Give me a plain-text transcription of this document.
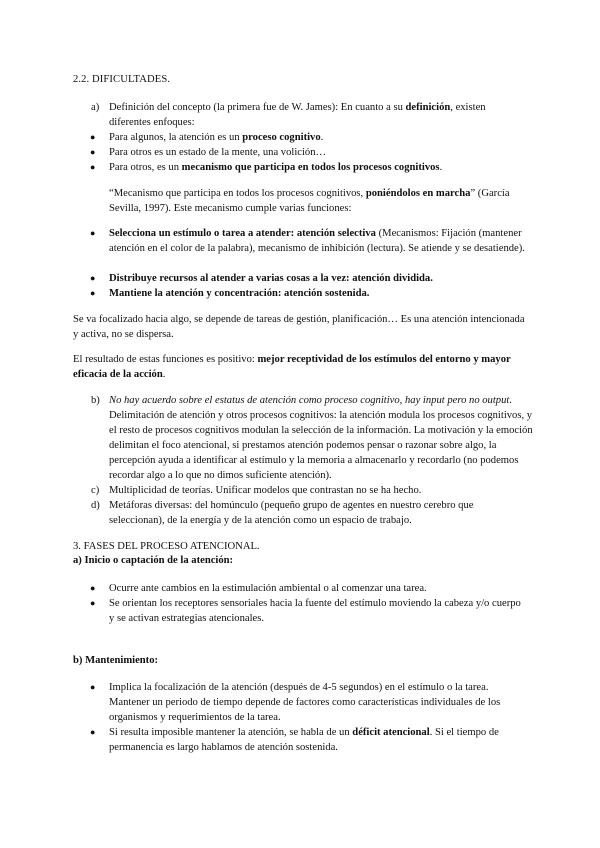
2.2. DIFICULTADES.
a) Definición del concepto (la primera fue de W. James): En cuanto a su definición, existen diferentes enfoques:
● Para algunos, la atención es un proceso cognitivo.
● Para otros es un estado de la mente, una volición…
● Para otros, es un mecanismo que participa en todos los procesos cognitivos.
“Mecanismo que participa en todos los procesos cognitivos, poniéndolos en marcha” (García Sevilla, 1997). Este mecanismo cumple varias funciones:
● Selecciona un estímulo o tarea a atender: atención selectiva (Mecanismos: Fijación (mantener atención en el color de la palabra), mecanismo de inhibición (lectura). Se atiende y se desatiende).
● Distribuye recursos al atender a varias cosas a la vez: atención dividida.
● Mantiene la atención y concentración: atención sostenida.
Se va focalizado hacia algo, se depende de tareas de gestión, planificación… Es una atención intencionada y activa, no se dispersa.
El resultado de estas funciones es positivo: mejor receptividad de los estímulos del entorno y mayor eficacia de la acción.
b) No hay acuerdo sobre el estatus de atención como proceso cognitivo, hay input pero no output. Delimitación de atención y otros procesos cognitivos: la atención modula los procesos cognitivos, y el resto de procesos cognitivos modulan la selección de la información. La motivación y la emoción delimitan el foco atencional, si prestamos atención podemos pensar o razonar sobre algo, la percepción ayuda a identificar al estímulo y la memoria a almacenarlo y recordarlo (no podemos recordar algo a lo que no dimos suficiente atención).
c) Multiplicidad de teorías. Unificar modelos que contrastan no se ha hecho.
d) Metáforas diversas: del homúnculo (pequeño grupo de agentes en nuestro cerebro que seleccionan), de la energía y de la atención como un espacio de trabajo.
3. FASES DEL PROCESO ATENCIONAL.
a) Inicio o captación de la atención:
● Ocurre ante cambios en la estimulación ambiental o al comenzar una tarea.
● Se orientan los receptores sensoriales hacia la fuente del estímulo moviendo la cabeza y/o cuerpo y se activan estrategias atencionales.
b) Mantenimiento:
● Implica la focalización de la atención (después de 4-5 segundos) en el estímulo o la tarea. Mantener un periodo de tiempo depende de factores como características individuales de los organismos y requerimientos de la tarea.
● Si resulta imposible mantener la atención, se habla de un déficit atencional. Si el tiempo de permanencia es largo hablamos de atención sostenida.
